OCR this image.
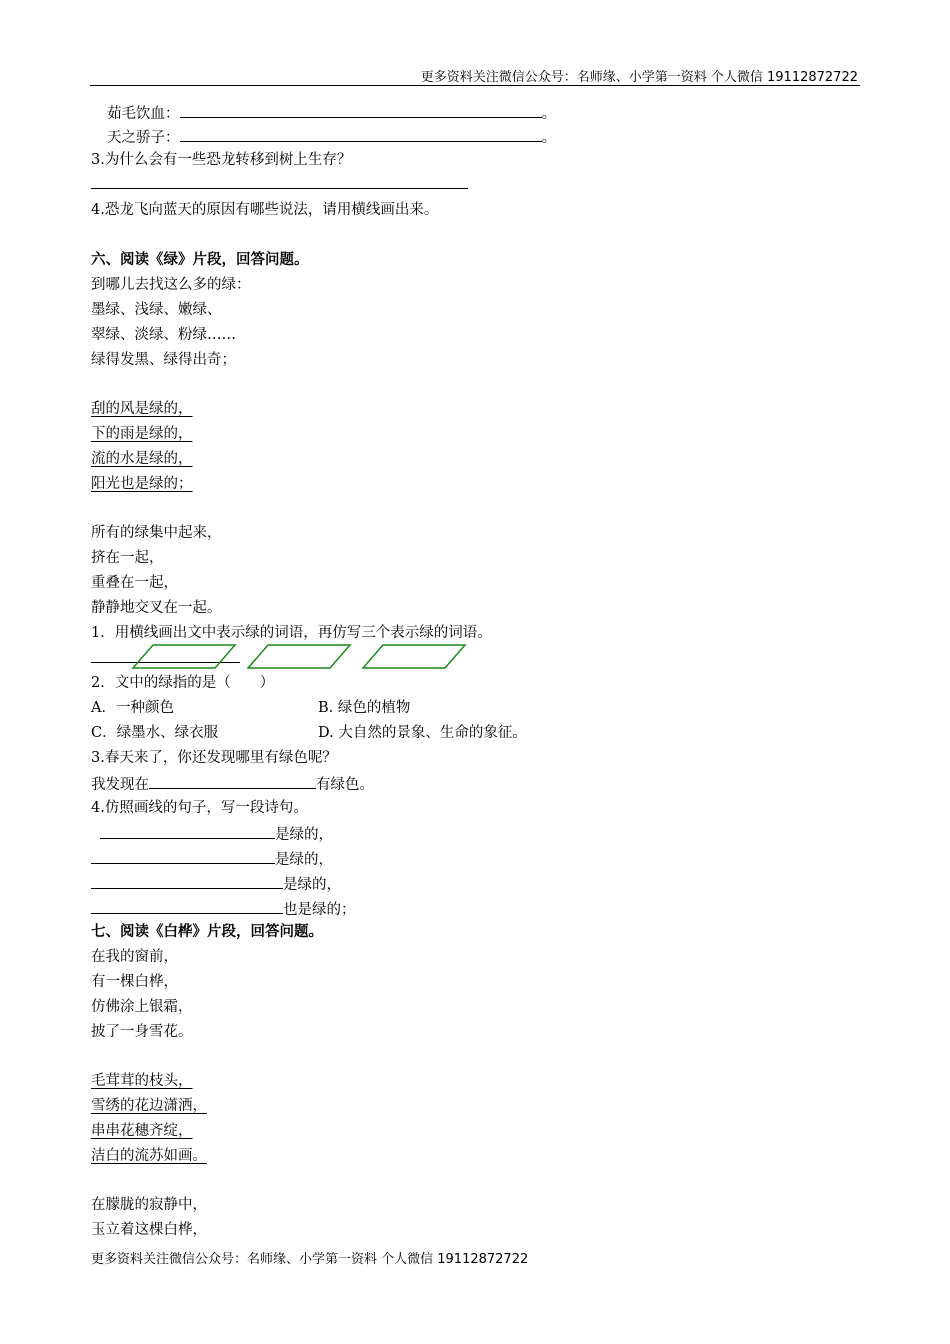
更多资料关注微信公众号：名师缘、小学第一资料 个人微信 19112872722
茹毛饮血：	。
天之骄子：	。
3.为什么会有一些恐龙转移到树上生存？
4.恐龙飞向蓝天的原因有哪些说法，请用横线画出来。
六、阅读《绿》片段，回答问题。
到哪儿去找这么多的绿：
墨绿、浅绿、嫩绿、
翠绿、淡绿、粉绿……
绿得发黑、绿得出奇；
刮的风是绿的，
下的雨是绿的，
流的水是绿的，
阳光也是绿的；
所有的绿集中起来，
挤在一起，
重叠在一起，
静静地交叉在一起。
1．用横线画出文中表示绿的词语，再仿写三个表示绿的词语。
2．文中的绿指的是（　　）
A．一种颜色	B. 绿色的植物
C．绿墨水、绿衣服	D. 大自然的景象、生命的象征。
3.春天来了，你还发现哪里有绿色呢？
我发现在	有绿色。
4.仿照画线的句子，写一段诗句。
是绿的，
是绿的，
是绿的，
也是绿的；
七、阅读《白桦》片段，回答问题。
在我的窗前，
有一棵白桦，
仿佛涂上银霜，
披了一身雪花。
毛茸茸的枝头，
雪绣的花边潇洒，
串串花穗齐绽，
洁白的流苏如画。
在朦胧的寂静中，
玉立着这棵白桦，
更多资料关注微信公众号：名师缘、小学第一资料 个人微信 19112872722
